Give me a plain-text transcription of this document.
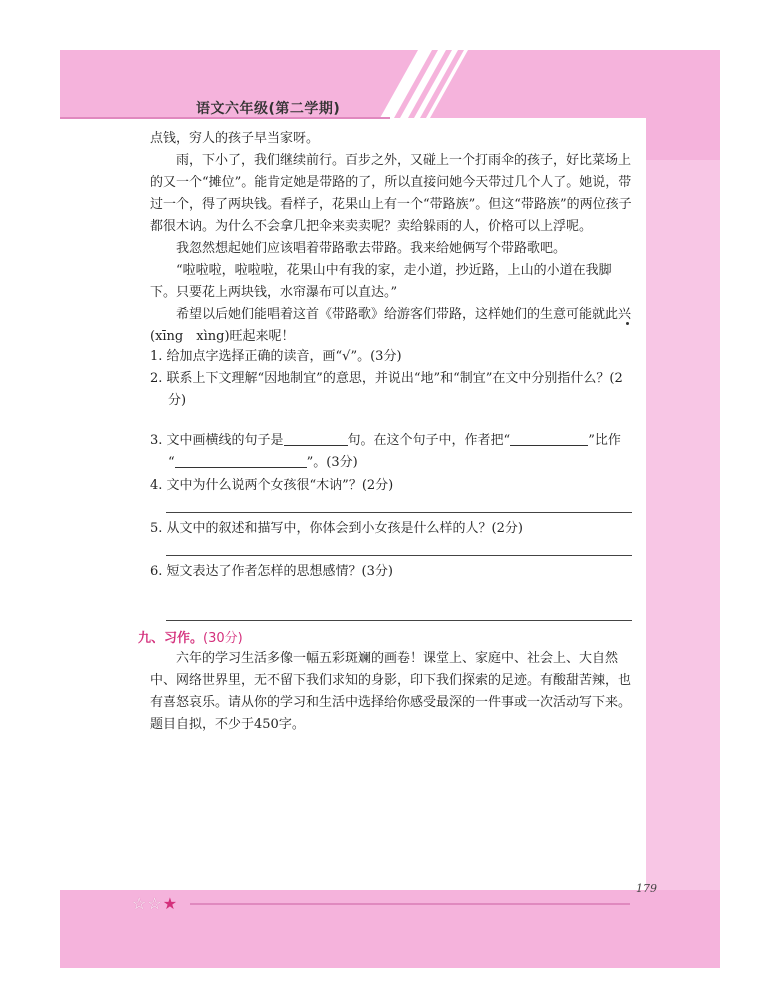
语文六年级(第二学期)

点钱，穷人的孩子早当家呀。

雨，下小了，我们继续前行。百步之外，又碰上一个打雨伞的孩子，好比菜场上的又一个“摊位”。能肯定她是带路的了，所以直接问她今天带过几个人了。她说，带过一个，得了两块钱。看样子，花果山上有一个“带路族”。但这“带路族”的两位孩子都很木讷。为什么不会拿几把伞来卖卖呢？卖给躲雨的人，价格可以上浮呢。

我忽然想起她们应该唱着带路歌去带路。我来给她俩写个带路歌吧。

“啦啦啦，啦啦啦，花果山中有我的家，走小道，抄近路，上山的小道在我脚下。只要花上两块钱，水帘瀑布可以直达。”

希望以后她们能唱着这首《带路歌》给游客们带路，这样她们的生意可能就此兴(xīng　xìng)旺起来呢！

1. 给加点字选择正确的读音，画“√”。(3分)
2. 联系上下文理解“因地制宜”的意思，并说出“地”和“制宜”在文中分别指什么？(2
分)
3. 文中画横线的句子是	句。在这个句子中，作者把“	”比作
“	”。(3分)
4. 文中为什么说两个女孩很“木讷”？(2分)
5. 从文中的叙述和描写中，你体会到小女孩是什么样的人？(2分)
6. 短文表达了作者怎样的思想感情？(3分)
九、习作。(30分)

六年的学习生活多像一幅五彩斑斓的画卷！课堂上、家庭中、社会上、大自然中、网络世界里，无不留下我们求知的身影，印下我们探索的足迹。有酸甜苦辣，也有喜怒哀乐。请从你的学习和生活中选择给你感受最深的一件事或一次活动写下来。题目自拟，不少于450字。

☆☆★
179
